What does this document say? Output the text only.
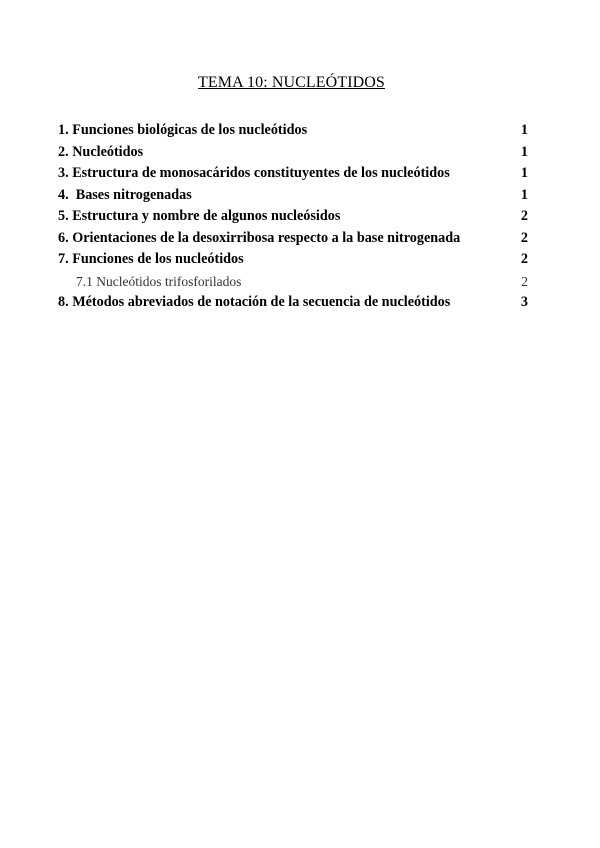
TEMA 10: NUCLEÓTIDOS
1. Funciones biológicas de los nucleótidos	1
2. Nucleótidos	1
3. Estructura de monosacáridos constituyentes de los nucleótidos	1
4.  Bases nitrogenadas	1
5. Estructura y nombre de algunos nucleósidos	2
6. Orientaciones de la desoxirribosa respecto a la base nitrogenada	2
7. Funciones de los nucleótidos	2
7.1 Nucleótidos trifosforilados	2
8. Métodos abreviados de notación de la secuencia de nucleótidos	3
